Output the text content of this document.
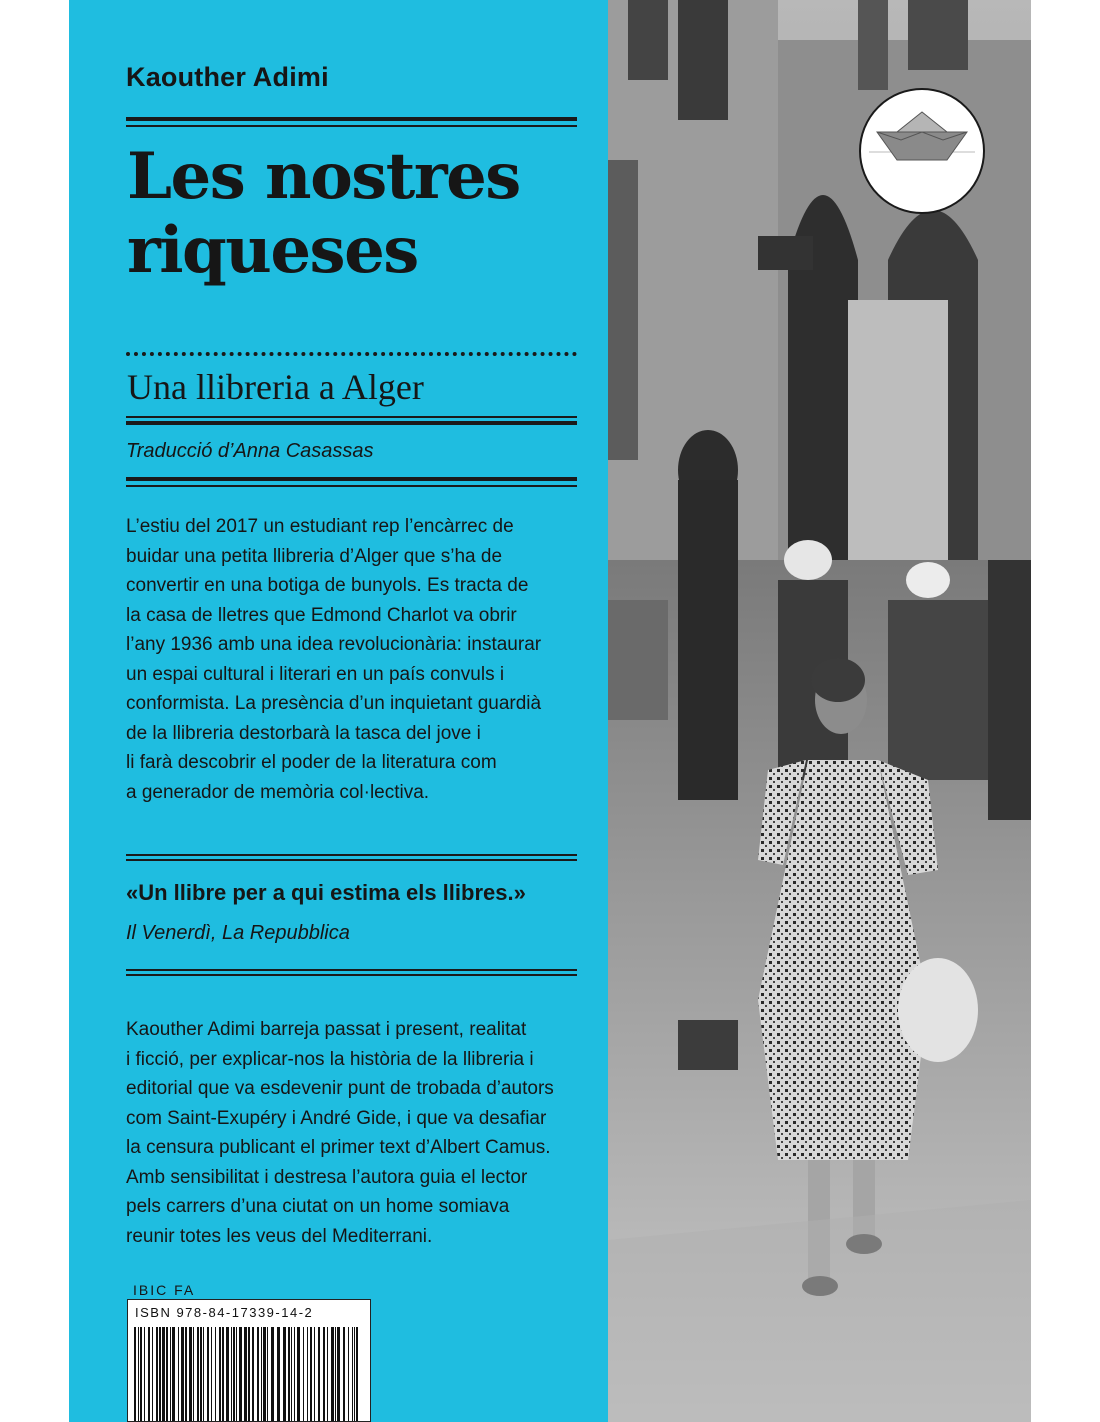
Kaouther Adimi
Les nostres riqueses
Una llibreria a Alger
Traducció d’Anna Casassas
L’estiu del 2017 un estudiant rep l’encàrrec de
buidar una petita llibreria d’Alger que s’ha de
convertir en una botiga de bunyols. Es tracta de
la casa de lletres que Edmond Charlot va obrir
l’any 1936 amb una idea revolucionària: instaurar
un espai cultural i literari en un país convuls i
conformista. La presència d’un inquietant guardià
de la llibreria destorbarà la tasca del jove i
li farà descobrir el poder de la literatura com
a generador de memòria col·lectiva.
«Un llibre per a qui estima els llibres.»
Il Venerdì, La Repubblica
Kaouther Adimi barreja passat i present, realitat
i ficció, per explicar-nos la història de la llibreria i
editorial que va esdevenir punt de trobada d’autors
com Saint-Exupéry i André Gide, i que va desafiar
la censura publicant el primer text d’Albert Camus.
Amb sensibilitat i destresa l’autora guia el lector
pels carrers d’una ciutat on un home somiava
reunir totes les veus del Mediterrani.
IBIC FA
ISBN 978-84-17339-14-2
